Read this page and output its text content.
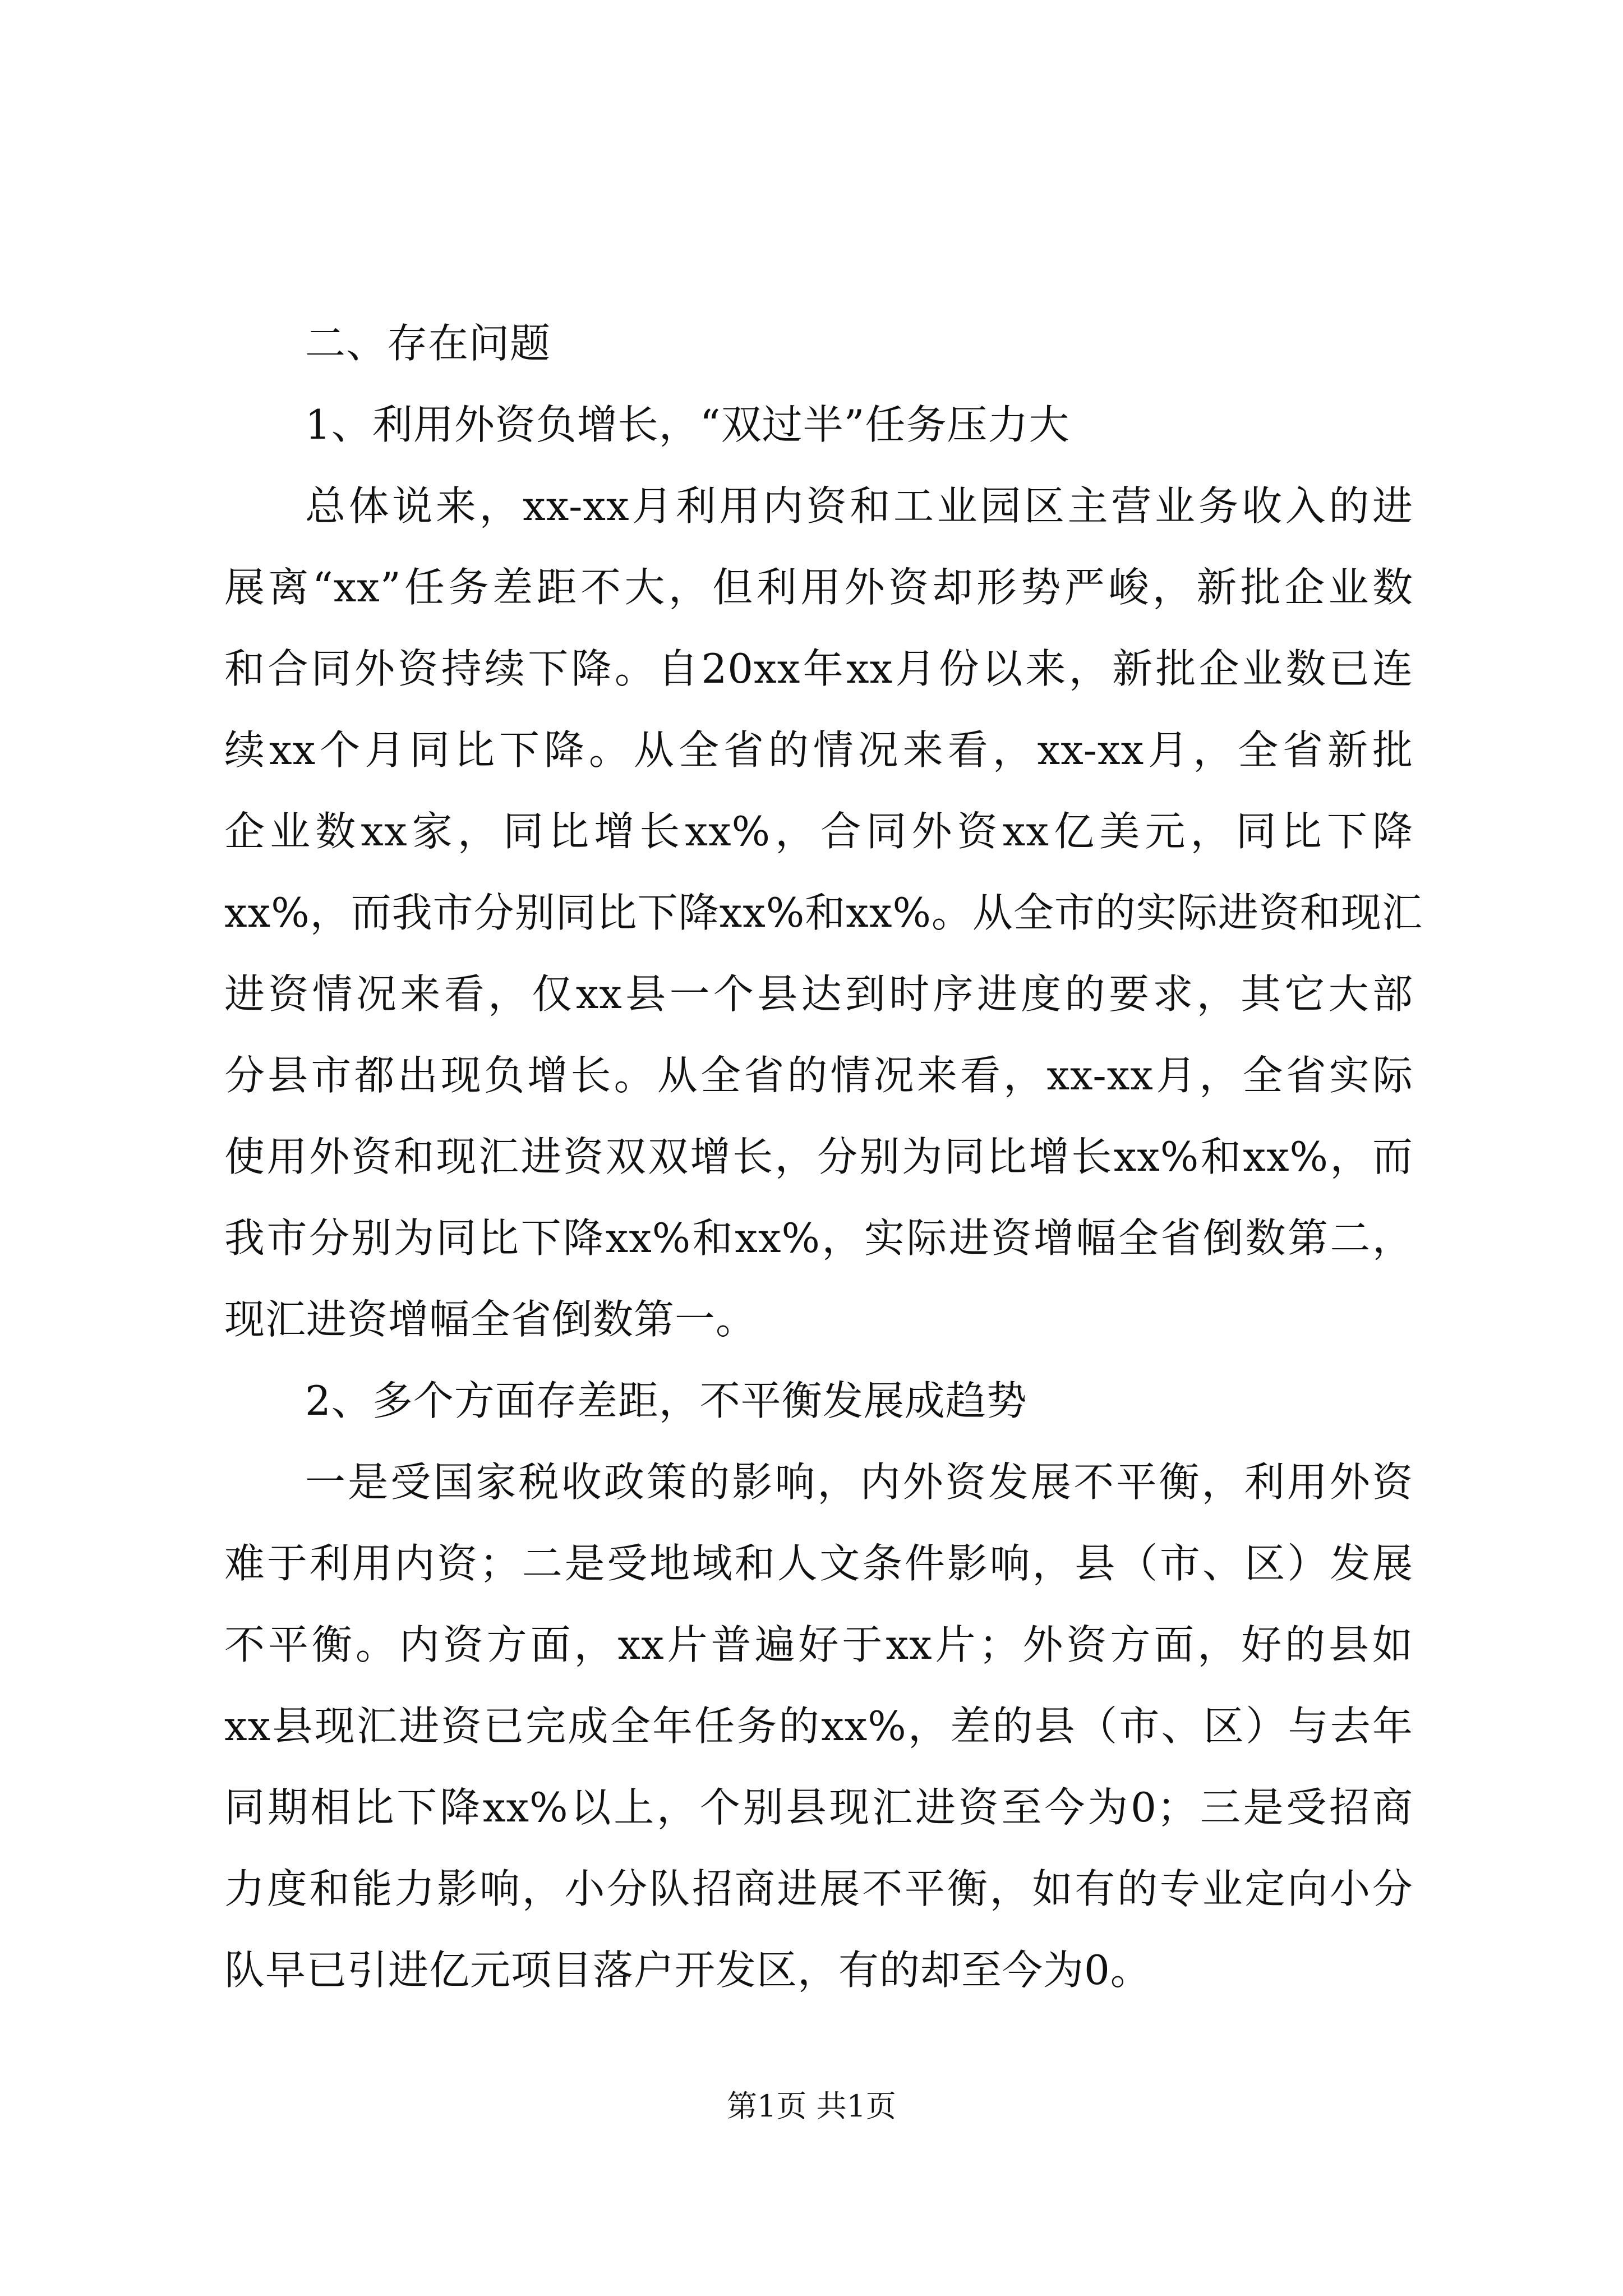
二、存在问题
1、利用外资负增长，“双过半”任务压力大
总体说来，xx-xx月利用内资和工业园区主营业务收入的进
展离“xx”任务差距不大，但利用外资却形势严峻，新批企业数
和合同外资持续下降。自20xx年xx月份以来，新批企业数已连
续xx个月同比下降。从全省的情况来看，xx-xx月，全省新批
企业数xx家，同比增长xx%，合同外资xx亿美元，同比下降
xx%，而我市分别同比下降xx%和xx%。从全市的实际进资和现汇
进资情况来看，仅xx县一个县达到时序进度的要求，其它大部
分县市都出现负增长。从全省的情况来看，xx-xx月，全省实际
使用外资和现汇进资双双增长，分别为同比增长xx%和xx%，而
我市分别为同比下降xx%和xx%，实际进资增幅全省倒数第二，
现汇进资增幅全省倒数第一。
2、多个方面存差距，不平衡发展成趋势
一是受国家税收政策的影响，内外资发展不平衡，利用外资
难于利用内资；二是受地域和人文条件影响，县（市、区）发展
不平衡。内资方面，xx片普遍好于xx片；外资方面，好的县如
xx县现汇进资已完成全年任务的xx%，差的县（市、区）与去年
同期相比下降xx%以上，个别县现汇进资至今为0；三是受招商
力度和能力影响，小分队招商进展不平衡，如有的专业定向小分
队早已引进亿元项目落户开发区，有的却至今为0。
第1页 共1页
